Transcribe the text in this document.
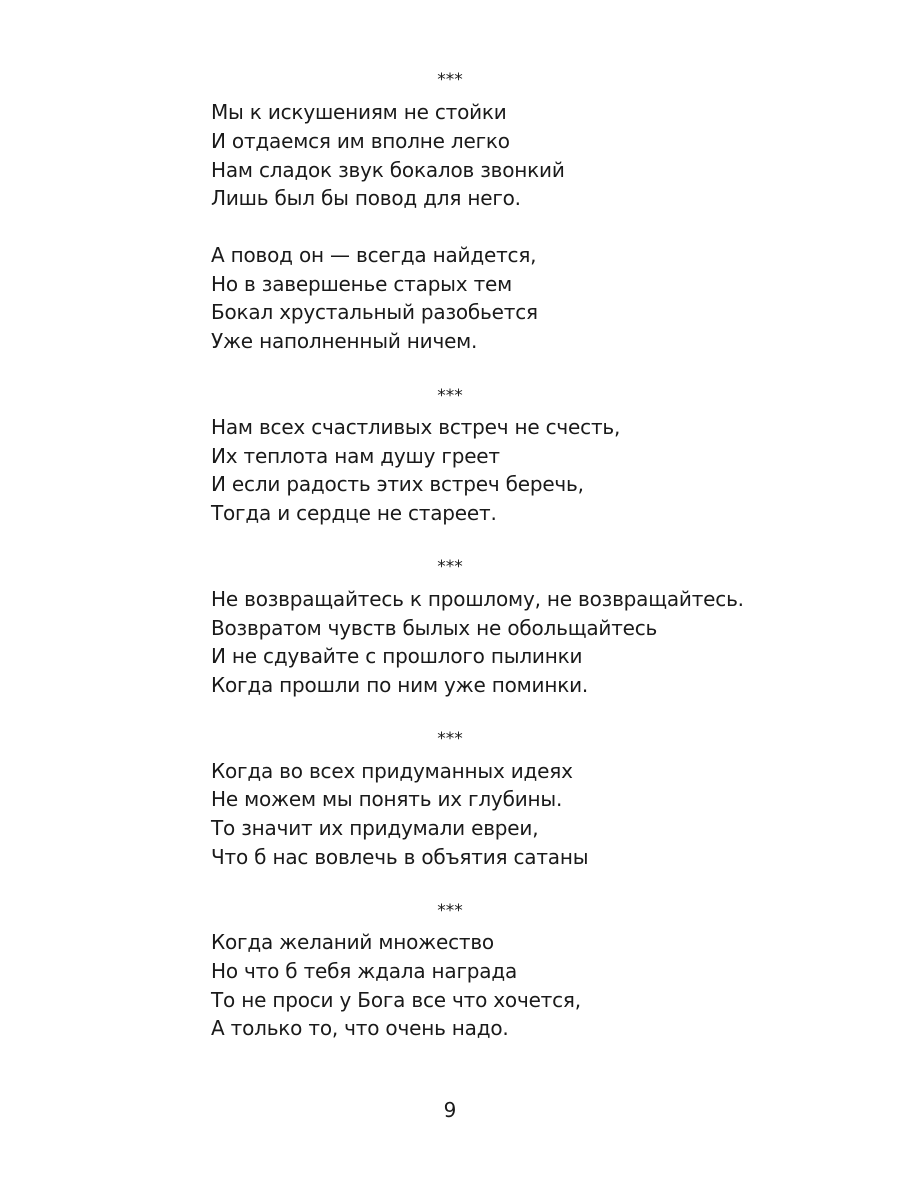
***
Мы к искушениям не стойки
И отдаемся им вполне легко
Нам сладок звук бокалов звонкий
Лишь был бы повод для него.
А повод он — всегда найдется,
Но в завершенье старых тем
Бокал хрустальный разобьется
Уже наполненный ничем.
***
Нам всех счастливых встреч не счесть,
Их теплота нам душу греет
И если радость этих встреч беречь,
Тогда и сердце не стареет.
***
Не возвращайтесь к прошлому, не возвращайтесь.
Возвратом чувств былых не обольщайтесь
И не сдувайте с прошлого пылинки
Когда прошли по ним уже поминки.
***
Когда во всех придуманных идеях
Не можем мы понять их глубины.
То значит их придумали евреи,
Что б нас вовлечь в объятия сатаны
***
Когда желаний множество
Но что б тебя ждала награда
То не проси у Бога все что хочется,
А только то, что очень надо.
9
